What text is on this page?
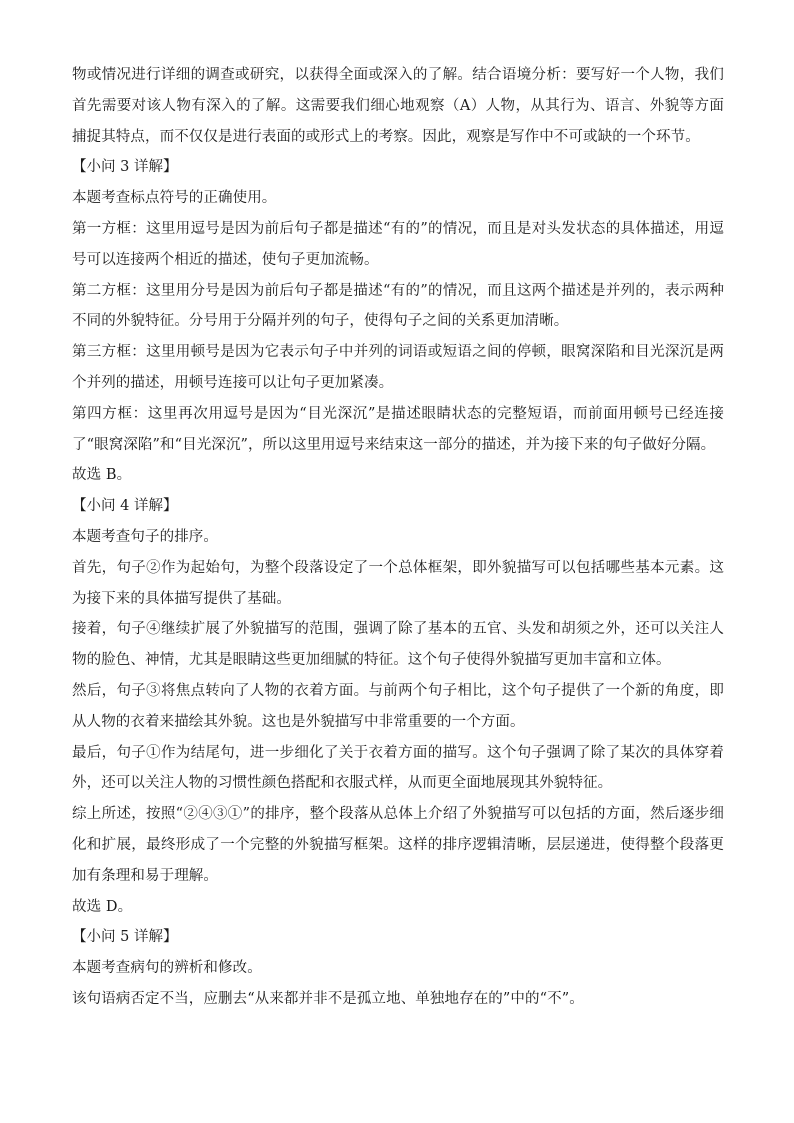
物或情况进行详细的调查或研究，以获得全面或深入的了解。结合语境分析：要写好一个人物，我们首先需要对该人物有深入的了解。这需要我们细心地观察（A）人物，从其行为、语言、外貌等方面捕捉其特点，而不仅仅是进行表面的或形式上的考察。因此，观察是写作中不可或缺的一个环节。

【小问 3 详解】

本题考查标点符号的正确使用。

第一方框：这里用逗号是因为前后句子都是描述“有的”的情况，而且是对头发状态的具体描述，用逗号可以连接两个相近的描述，使句子更加流畅。

第二方框：这里用分号是因为前后句子都是描述“有的”的情况，而且这两个描述是并列的，表示两种不同的外貌特征。分号用于分隔并列的句子，使得句子之间的关系更加清晰。

第三方框：这里用顿号是因为它表示句子中并列的词语或短语之间的停顿，眼窝深陷和目光深沉是两个并列的描述，用顿号连接可以让句子更加紧凑。

第四方框：这里再次用逗号是因为“目光深沉”是描述眼睛状态的完整短语，而前面用顿号已经连接了“眼窝深陷”和“目光深沉”，所以这里用逗号来结束这一部分的描述，并为接下来的句子做好分隔。

故选 B。

【小问 4 详解】

本题考查句子的排序。

首先，句子②作为起始句，为整个段落设定了一个总体框架，即外貌描写可以包括哪些基本元素。这为接下来的具体描写提供了基础。

接着，句子④继续扩展了外貌描写的范围，强调了除了基本的五官、头发和胡须之外，还可以关注人物的脸色、神情，尤其是眼睛这些更加细腻的特征。这个句子使得外貌描写更加丰富和立体。

然后，句子③将焦点转向了人物的衣着方面。与前两个句子相比，这个句子提供了一个新的角度，即从人物的衣着来描绘其外貌。这也是外貌描写中非常重要的一个方面。

最后，句子①作为结尾句，进一步细化了关于衣着方面的描写。这个句子强调了除了某次的具体穿着外，还可以关注人物的习惯性颜色搭配和衣服式样，从而更全面地展现其外貌特征。

综上所述，按照“②④③①”的排序，整个段落从总体上介绍了外貌描写可以包括的方面，然后逐步细化和扩展，最终形成了一个完整的外貌描写框架。这样的排序逻辑清晰，层层递进，使得整个段落更加有条理和易于理解。

故选 D。

【小问 5 详解】

本题考查病句的辨析和修改。

该句语病否定不当，应删去“从来都并非不是孤立地、单独地存在的”中的“不”。
